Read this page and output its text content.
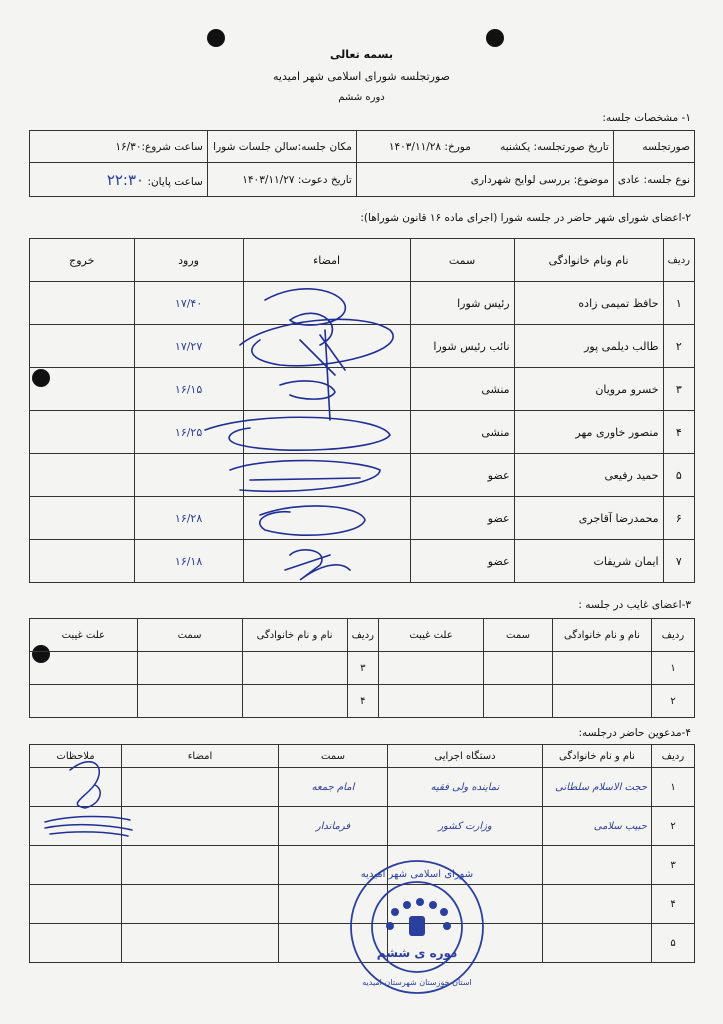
بسمه تعالی
صورتجلسه شورای اسلامی شهر امیدیه
دوره ششم
۱- مشخصات جلسه:
صورتجلسه	تاریخ صورتجلسه: یکشنبه	مورخ: ۱۴۰۳/۱۱/۲۸	مکان جلسه:سالن جلسات شورا	ساعت شروع:۱۶/۳۰
نوع جلسه: عادی	موضوع: بررسی لوایح شهرداری		تاریخ دعوت: ۱۴۰۳/۱۱/۲۷	ساعت پایان: ۲۲:۳۰
۲-اعضای شورای شهر حاضر در جلسه شورا (اجرای ماده ۱۶ قانون شوراها):
ردیف	نام ونام خانوادگی	سمت	امضاء	ورود	خروج
۱	حافظ تمیمی زاده	رئیس شورا		۱۷/۴۰	
۲	طالب دیلمی پور	نائب رئیس شورا		۱۷/۲۷	
۳	خسرو مرویان	منشی		۱۶/۱۵	
۴	منصور خاوری مهر	منشی		۱۶/۲۵	
۵	حمید رفیعی	عضو			
۶	محمدرضا آقاجری	عضو		۱۶/۲۸	
۷	ایمان شریفات	عضو		۱۶/۱۸	
۳-اعضای غایب در جلسه :
ردیف	نام و نام خانوادگی	سمت	علت غیبت	ردیف	نام و نام خانوادگی	سمت	علت غیبت
۱				۳			
۲				۴			
۴-مدعوین حاضر درجلسه:
ردیف	نام و نام خانوادگی	دستگاه اجرایی	سمت	امضاء	ملاحظات
۱	حجت الاسلام سلطانی	نماینده ولی فقیه	امام جمعه		
۲	حبیب سلامی	وزارت کشور	فرماندار		
۳					
۴					
۵					
شورای اسلامی شهر امیدیه
دوره ی ششم
استان خوزستان شهرستان امیدیه
